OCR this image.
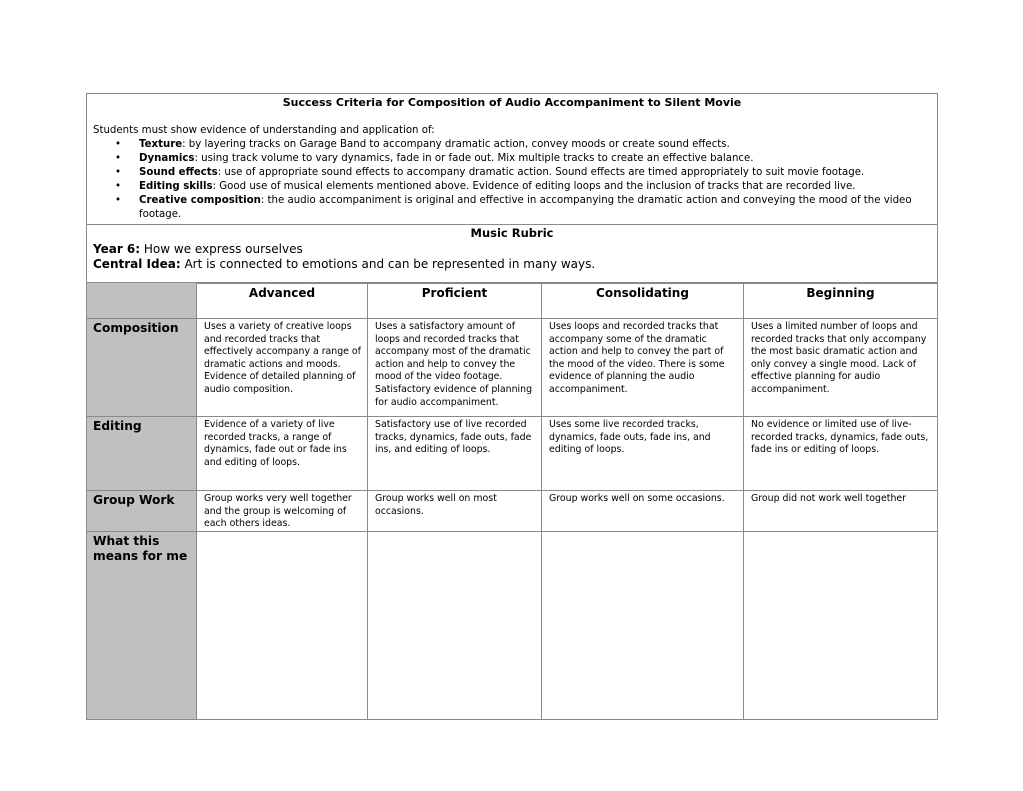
Success Criteria for Composition of Audio Accompaniment to Silent Movie
Students must show evidence of understanding and application of:
• Texture: by layering tracks on Garage Band to accompany dramatic action, convey moods or create sound effects.
• Dynamics: using track volume to vary dynamics, fade in or fade out. Mix multiple tracks to create an effective balance.
• Sound effects: use of appropriate sound effects to accompany dramatic action. Sound effects are timed appropriately to suit movie footage.
• Editing skills: Good use of musical elements mentioned above. Evidence of editing loops and the inclusion of tracks that are recorded live.
• Creative composition: the audio accompaniment is original and effective in accompanying the dramatic action and conveying the mood of the video footage.
Music Rubric
Year 6: How we express ourselves
Central Idea: Art is connected to emotions and can be represented in many ways.
	Advanced	Proficient	Consolidating	Beginning
Composition	Uses a variety of creative loops and recorded tracks that effectively accompany a range of dramatic actions and moods. Evidence of detailed planning of audio composition.	Uses a satisfactory amount of loops and recorded tracks that accompany most of the dramatic action and help to convey the mood of the video footage. Satisfactory evidence of planning for audio accompaniment.	Uses loops and recorded tracks that accompany some of the dramatic action and help to convey the part of the mood of the video. There is some evidence of planning the audio accompaniment.	Uses a limited number of loops and recorded tracks that only accompany the most basic dramatic action and only convey a single mood. Lack of effective planning for audio accompaniment.
Editing	Evidence of a variety of live recorded tracks, a range of dynamics, fade out or fade ins and editing of loops.	Satisfactory use of live recorded tracks, dynamics, fade outs, fade ins, and editing of loops.	Uses some live recorded tracks, dynamics, fade outs, fade ins, and editing of loops.	No evidence or limited use of live-recorded tracks, dynamics, fade outs, fade ins or editing of loops.
Group Work	Group works very well together and the group is welcoming of each others ideas.	Group works well on most occasions.	Group works well on some occasions.	Group did not work well together
What this means for me				
